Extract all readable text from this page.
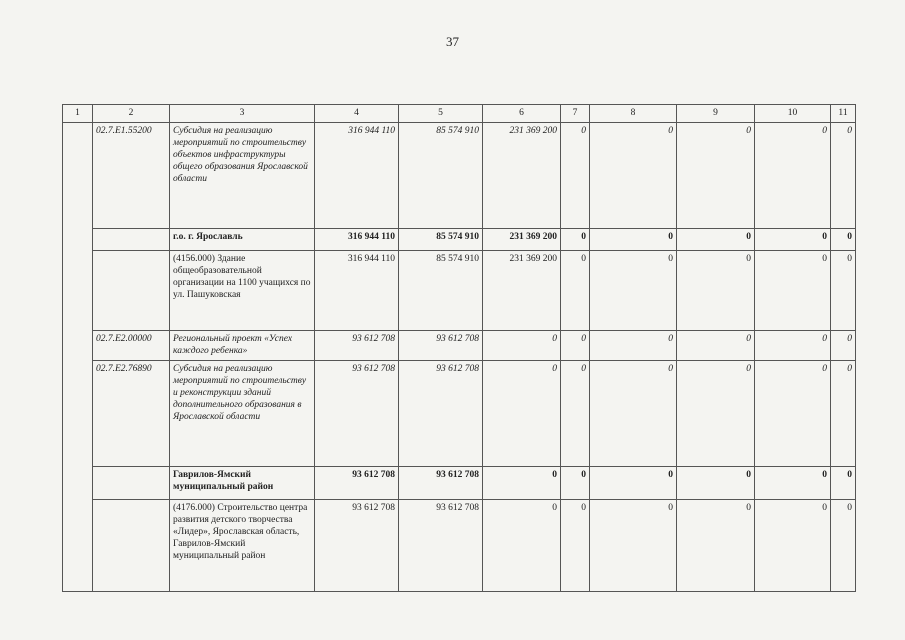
37
1	2	3	4	5	6	7	8	9	10	11
	02.7.E1.55200	Субсидия на реализацию мероприятий по строительству объектов инфраструктуры общего образования Ярославской области	316 944 110	85 574 910	231 369 200	0	0	0	0	0
		г.о. г. Ярославль	316 944 110	85 574 910	231 369 200	0	0	0	0	0
		(4156.000) Здание общеобразовательной организации на 1100 учащихся по ул. Пашуковская	316 944 110	85 574 910	231 369 200	0	0	0	0	0
	02.7.E2.00000	Региональный проект «Успех каждого ребенка»	93 612 708	93 612 708	0	0	0	0	0	0
	02.7.E2.76890	Субсидия на реализацию мероприятий по строительству и реконструкции зданий дополнительного образования в Ярославской области	93 612 708	93 612 708	0	0	0	0	0	0
		Гаврилов-Ямский муниципальный район	93 612 708	93 612 708	0	0	0	0	0	0
		(4176.000) Строительство центра развития детского творчества «Лидер», Ярославская область, Гаврилов-Ямский муниципальный район	93 612 708	93 612 708	0	0	0	0	0	0
